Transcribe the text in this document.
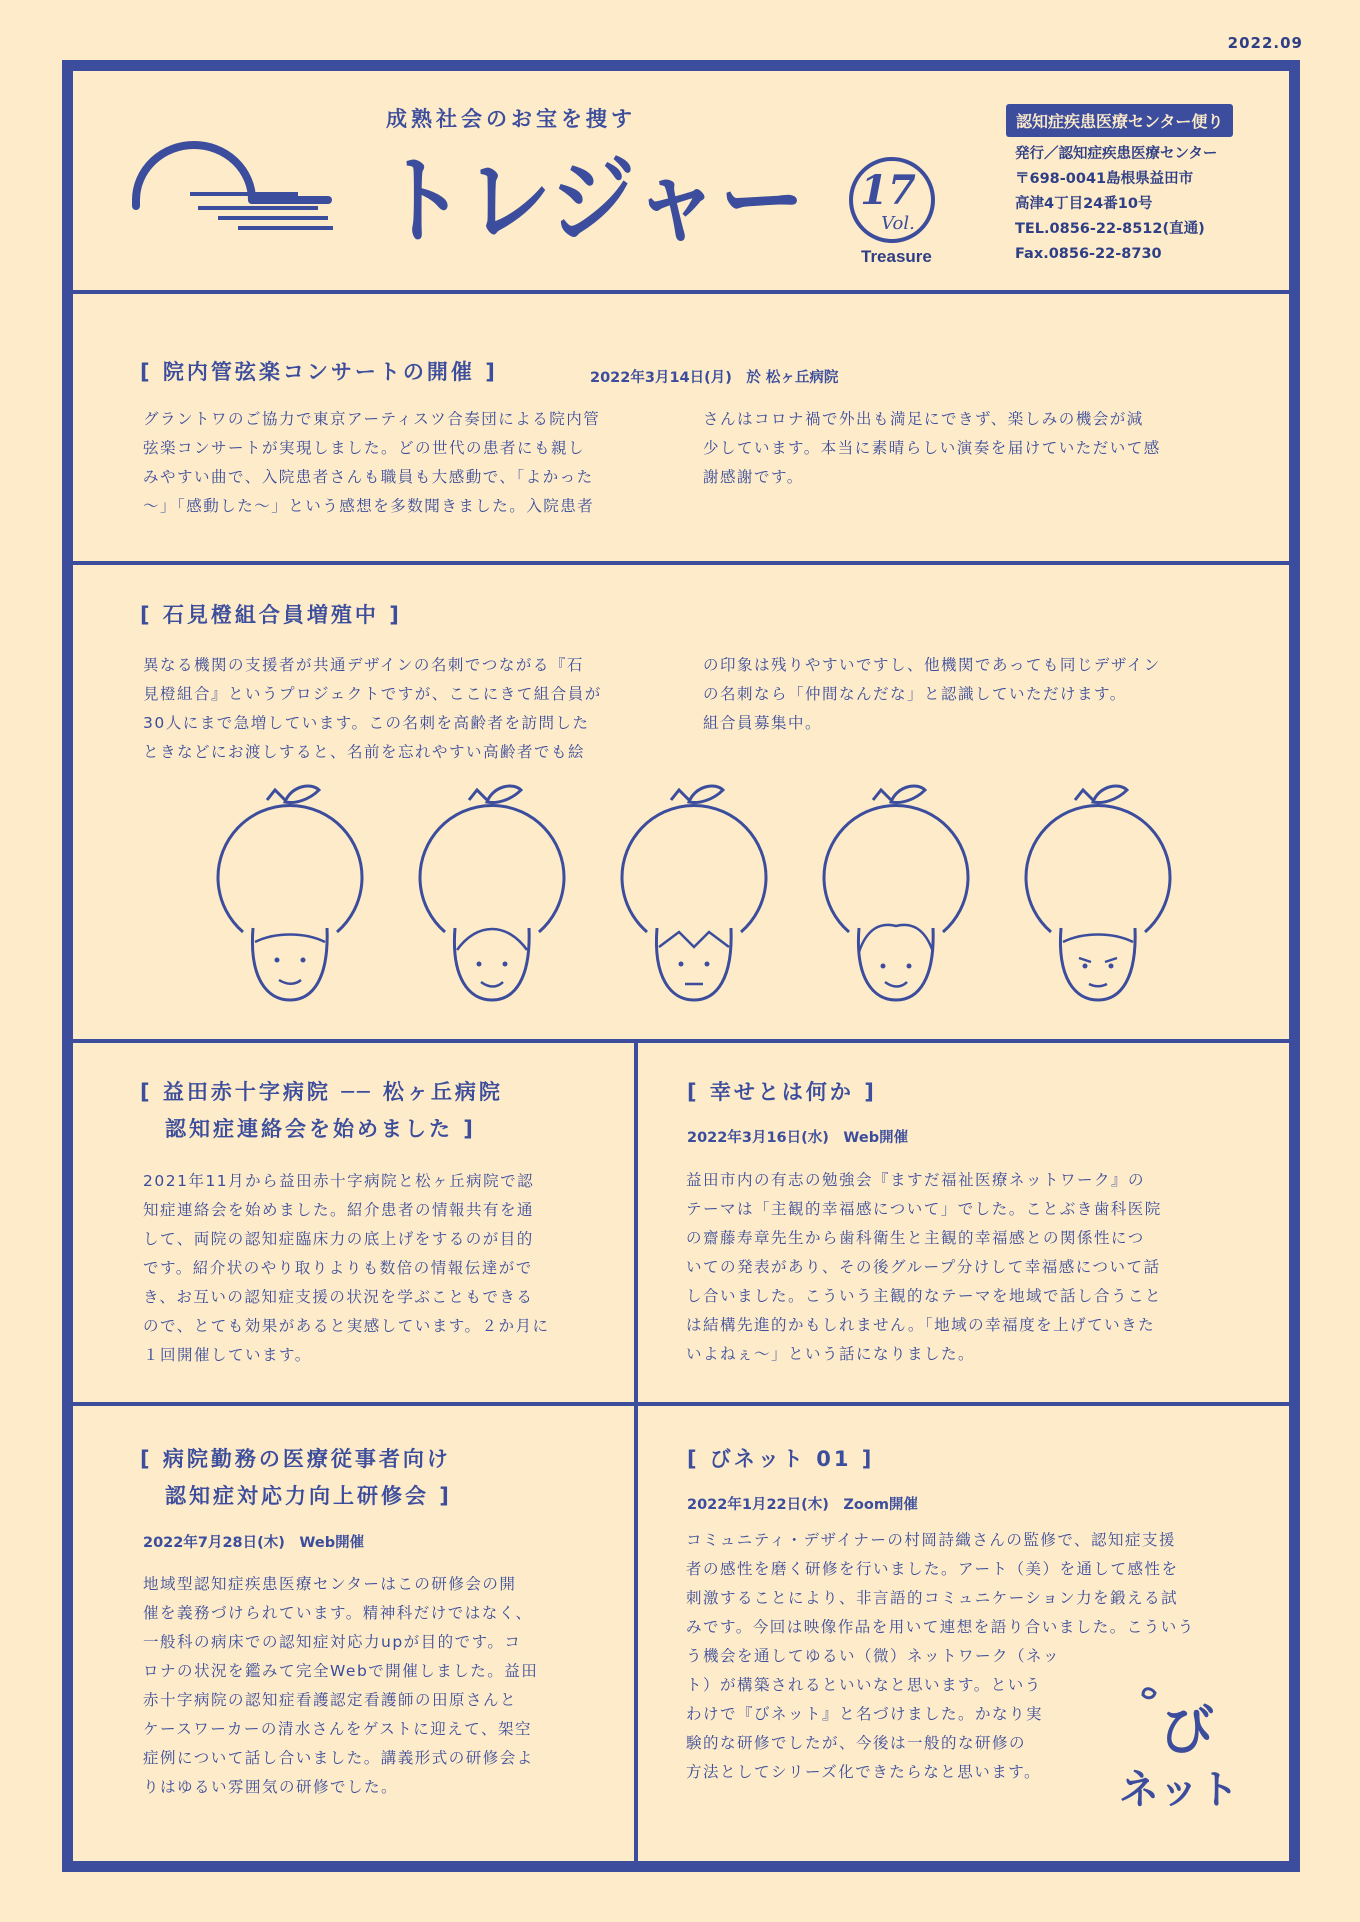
2022.09
成熟社会のお宝を捜す
トレジャー 17
Vol.
Treasure
認知症疾患医療センター便り
発行／認知症疾患医療センター
〒698-0041島根県益田市
高津4丁目24番10号
TEL.0856-22-8512(直通)
Fax.0856-22-8730
[ 院内管弦楽コンサートの開催 ]	2022年3月14日(月)　於 松ヶ丘病院

グラントワのご協力で東京アーティスツ合奏団による院内管

弦楽コンサートが実現しました。どの世代の患者にも親し

みやすい曲で、入院患者さんも職員も大感動で、「よかった

～」「感動した～」という感想を多数聞きました。入院患者

さんはコロナ禍で外出も満足にできず、楽しみの機会が減

少しています。本当に素晴らしい演奏を届けていただいて感

謝感謝です。

[ 石見橙組合員増殖中 ]

異なる機関の支援者が共通デザインの名刺でつながる『石

見橙組合』というプロジェクトですが、ここにきて組合員が

30人にまで急増しています。この名刺を高齢者を訪問した

ときなどにお渡しすると、名前を忘れやすい高齢者でも絵

の印象は残りやすいですし、他機関であっても同じデザイン

の名刺なら「仲間なんだな」と認識していただけます。

組合員募集中。

[ 益田赤十字病院 ── 松ヶ丘病院
認知症連絡会を始めました ]

2021年11月から益田赤十字病院と松ヶ丘病院で認

知症連絡会を始めました。紹介患者の情報共有を通

して、両院の認知症臨床力の底上げをするのが目的

です。紹介状のやり取りよりも数倍の情報伝達がで

き、お互いの認知症支援の状況を学ぶこともできる

ので、とても効果があると実感しています。２か月に

１回開催しています。

[ 幸せとは何か ]
2022年3月16日(水)　Web開催

益田市内の有志の勉強会『ますだ福祉医療ネットワーク』の

テーマは「主観的幸福感について」でした。ことぶき歯科医院

の齋藤寿章先生から歯科衛生と主観的幸福感との関係性につ

いての発表があり、その後グループ分けして幸福感について話

し合いました。こういう主観的なテーマを地域で話し合うこと

は結構先進的かもしれません。「地域の幸福度を上げていきた

いよねぇ～」という話になりました。

[ 病院勤務の医療従事者向け
認知症対応力向上研修会 ]
2022年7月28日(木)　Web開催

地域型認知症疾患医療センターはこの研修会の開

催を義務づけられています。精神科だけではなく、

一般科の病床での認知症対応力upが目的です。コ

ロナの状況を鑑みて完全Webで開催しました。益田

赤十字病院の認知症看護認定看護師の田原さんと

ケースワーカーの清水さんをゲストに迎えて、架空

症例について話し合いました。講義形式の研修会よ

りはゆるい雰囲気の研修でした。

[ びネット 01 ]
2022年1月22日(木)　Zoom開催

コミュニティ・デザイナーの村岡詩織さんの監修で、認知症支援

者の感性を磨く研修を行いました。アート（美）を通して感性を

刺激することにより、非言語的コミュニケーション力を鍛える試

みです。今回は映像作品を用いて連想を語り合いました。こういう

う機会を通してゆるい（微）ネットワーク（ネッ

ト）が構築されるといいなと思います。という

わけで『びネット』と名づけました。かなり実

験的な研修でしたが、今後は一般的な研修の

方法としてシリーズ化できたらなと思います。

び
ネット
